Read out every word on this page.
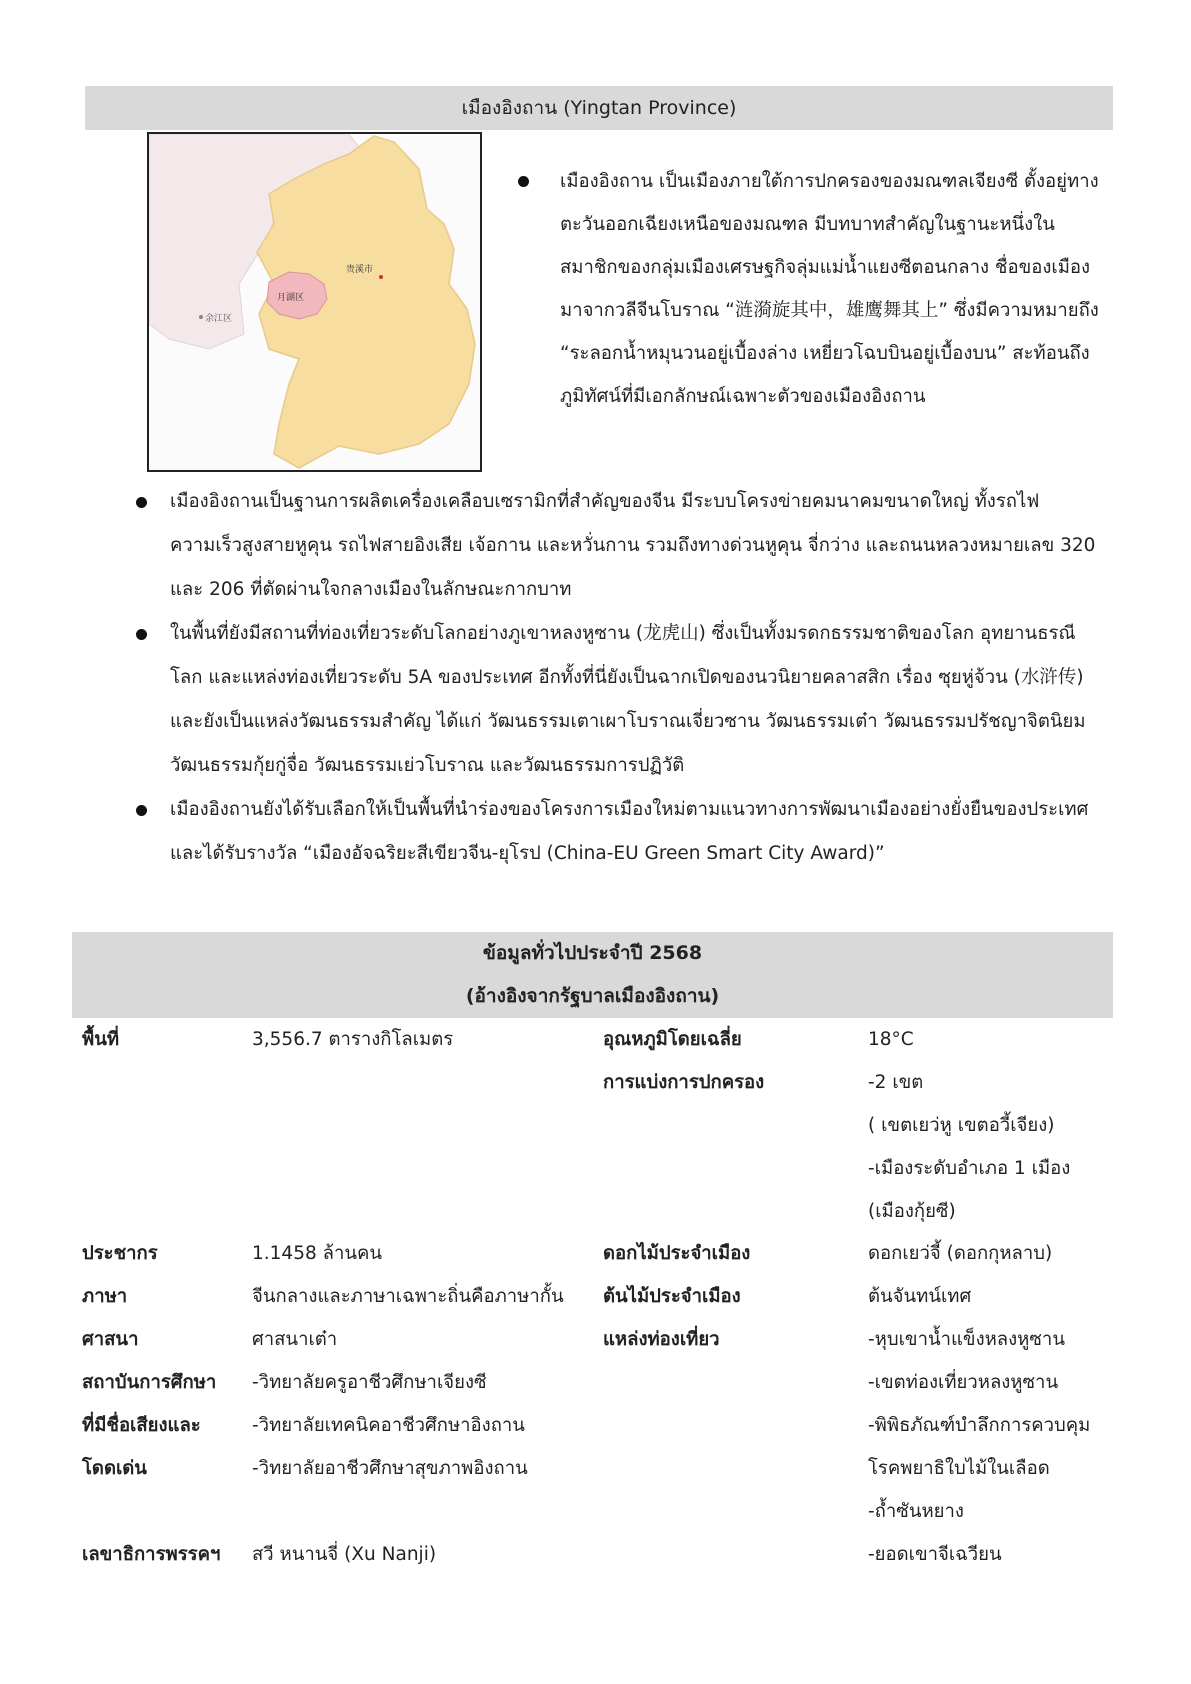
เมืองอิงถาน (Yingtan Province)
贵溪市
月湖区
余江区
เมืองอิงถาน เป็นเมืองภายใต้การปกครองของมณฑลเจียงซี ตั้งอยู่ทางตะวันออกเฉียงเหนือของมณฑล มีบทบาทสำคัญในฐานะหนึ่งในสมาชิกของกลุ่มเมืองเศรษฐกิจลุ่มแม่น้ำแยงซีตอนกลาง ชื่อของเมืองมาจากวลีจีนโบราณ “涟漪旋其中，雄鹰舞其上” ซึ่งมีความหมายถึง “ระลอกน้ำหมุนวนอยู่เบื้องล่าง เหยี่ยวโฉบบินอยู่เบื้องบน” สะท้อนถึงภูมิทัศน์ที่มีเอกลักษณ์เฉพาะตัวของเมืองอิงถาน
เมืองอิงถานเป็นฐานการผลิตเครื่องเคลือบเซรามิกที่สำคัญของจีน มีระบบโครงข่ายคมนาคมขนาดใหญ่ ทั้งรถไฟความเร็วสูงสายหูคุน รถไฟสายอิงเสีย เจ้อกาน และหวั่นกาน รวมถึงทางด่วนหูคุน จี่กว่าง และถนนหลวงหมายเลข 320 และ 206 ที่ตัดผ่านใจกลางเมืองในลักษณะกากบาท
ในพื้นที่ยังมีสถานที่ท่องเที่ยวระดับโลกอย่างภูเขาหลงหูซาน (龙虎山) ซึ่งเป็นทั้งมรดกธรรมชาติของโลก อุทยานธรณีโลก และแหล่งท่องเที่ยวระดับ 5A ของประเทศ อีกทั้งที่นี่ยังเป็นฉากเปิดของนวนิยายคลาสสิก เรื่อง ซุยหู่จ้วน (水浒传) และยังเป็นแหล่งวัฒนธรรมสำคัญ ได้แก่ วัฒนธรรมเตาเผาโบราณเจี่ยวซาน วัฒนธรรมเต๋า วัฒนธรรมปรัชญาจิตนิยม วัฒนธรรมกุ้ยกู่จื่อ วัฒนธรรมเย่วโบราณ และวัฒนธรรมการปฏิวัติ
เมืองอิงถานยังได้รับเลือกให้เป็นพื้นที่นำร่องของโครงการเมืองใหม่ตามแนวทางการพัฒนาเมืองอย่างยั่งยืนของประเทศ และได้รับรางวัล “เมืองอัจฉริยะสีเขียวจีน-ยุโรป (China-EU Green Smart City Award)”
ข้อมูลทั่วไปประจำปี 2568
(อ้างอิงจากรัฐบาลเมืองอิงถาน)
พื้นที่
ประชากร
ภาษา
ศาสนา
สถาบันการศึกษา
ที่มีชื่อเสียงและ
โดดเด่น
เลขาธิการพรรคฯ
3,556.7 ตารางกิโลเมตร
1.1458 ล้านคน
จีนกลางและภาษาเฉพาะถิ่นคือภาษากั้น
ศาสนาเต๋า
-วิทยาลัยครูอาชีวศึกษาเจียงซี
-วิทยาลัยเทคนิคอาชีวศึกษาอิงถาน
-วิทยาลัยอาชีวศึกษาสุขภาพอิงถาน
สวี หนานจี่ (Xu Nanji)
อุณหภูมิโดยเฉลี่ย
การแบ่งการปกครอง
ดอกไม้ประจำเมือง
ต้นไม้ประจำเมือง
แหล่งท่องเที่ยว
18°C
-2 เขต
( เขตเยว่หู เขตอวี้เจียง)
-เมืองระดับอำเภอ 1 เมือง
(เมืองกุ้ยซี)
ดอกเยว่จี้ (ดอกกุหลาบ)
ต้นจันทน์เทศ
-หุบเขาน้ำแข็งหลงหูซาน
-เขตท่องเที่ยวหลงหูซาน
-พิพิธภัณฑ์บำลึกการควบคุม
โรคพยาธิใบไม้ในเลือด
-ถ้ำซันหยาง
-ยอดเขาจีเฉวียน
